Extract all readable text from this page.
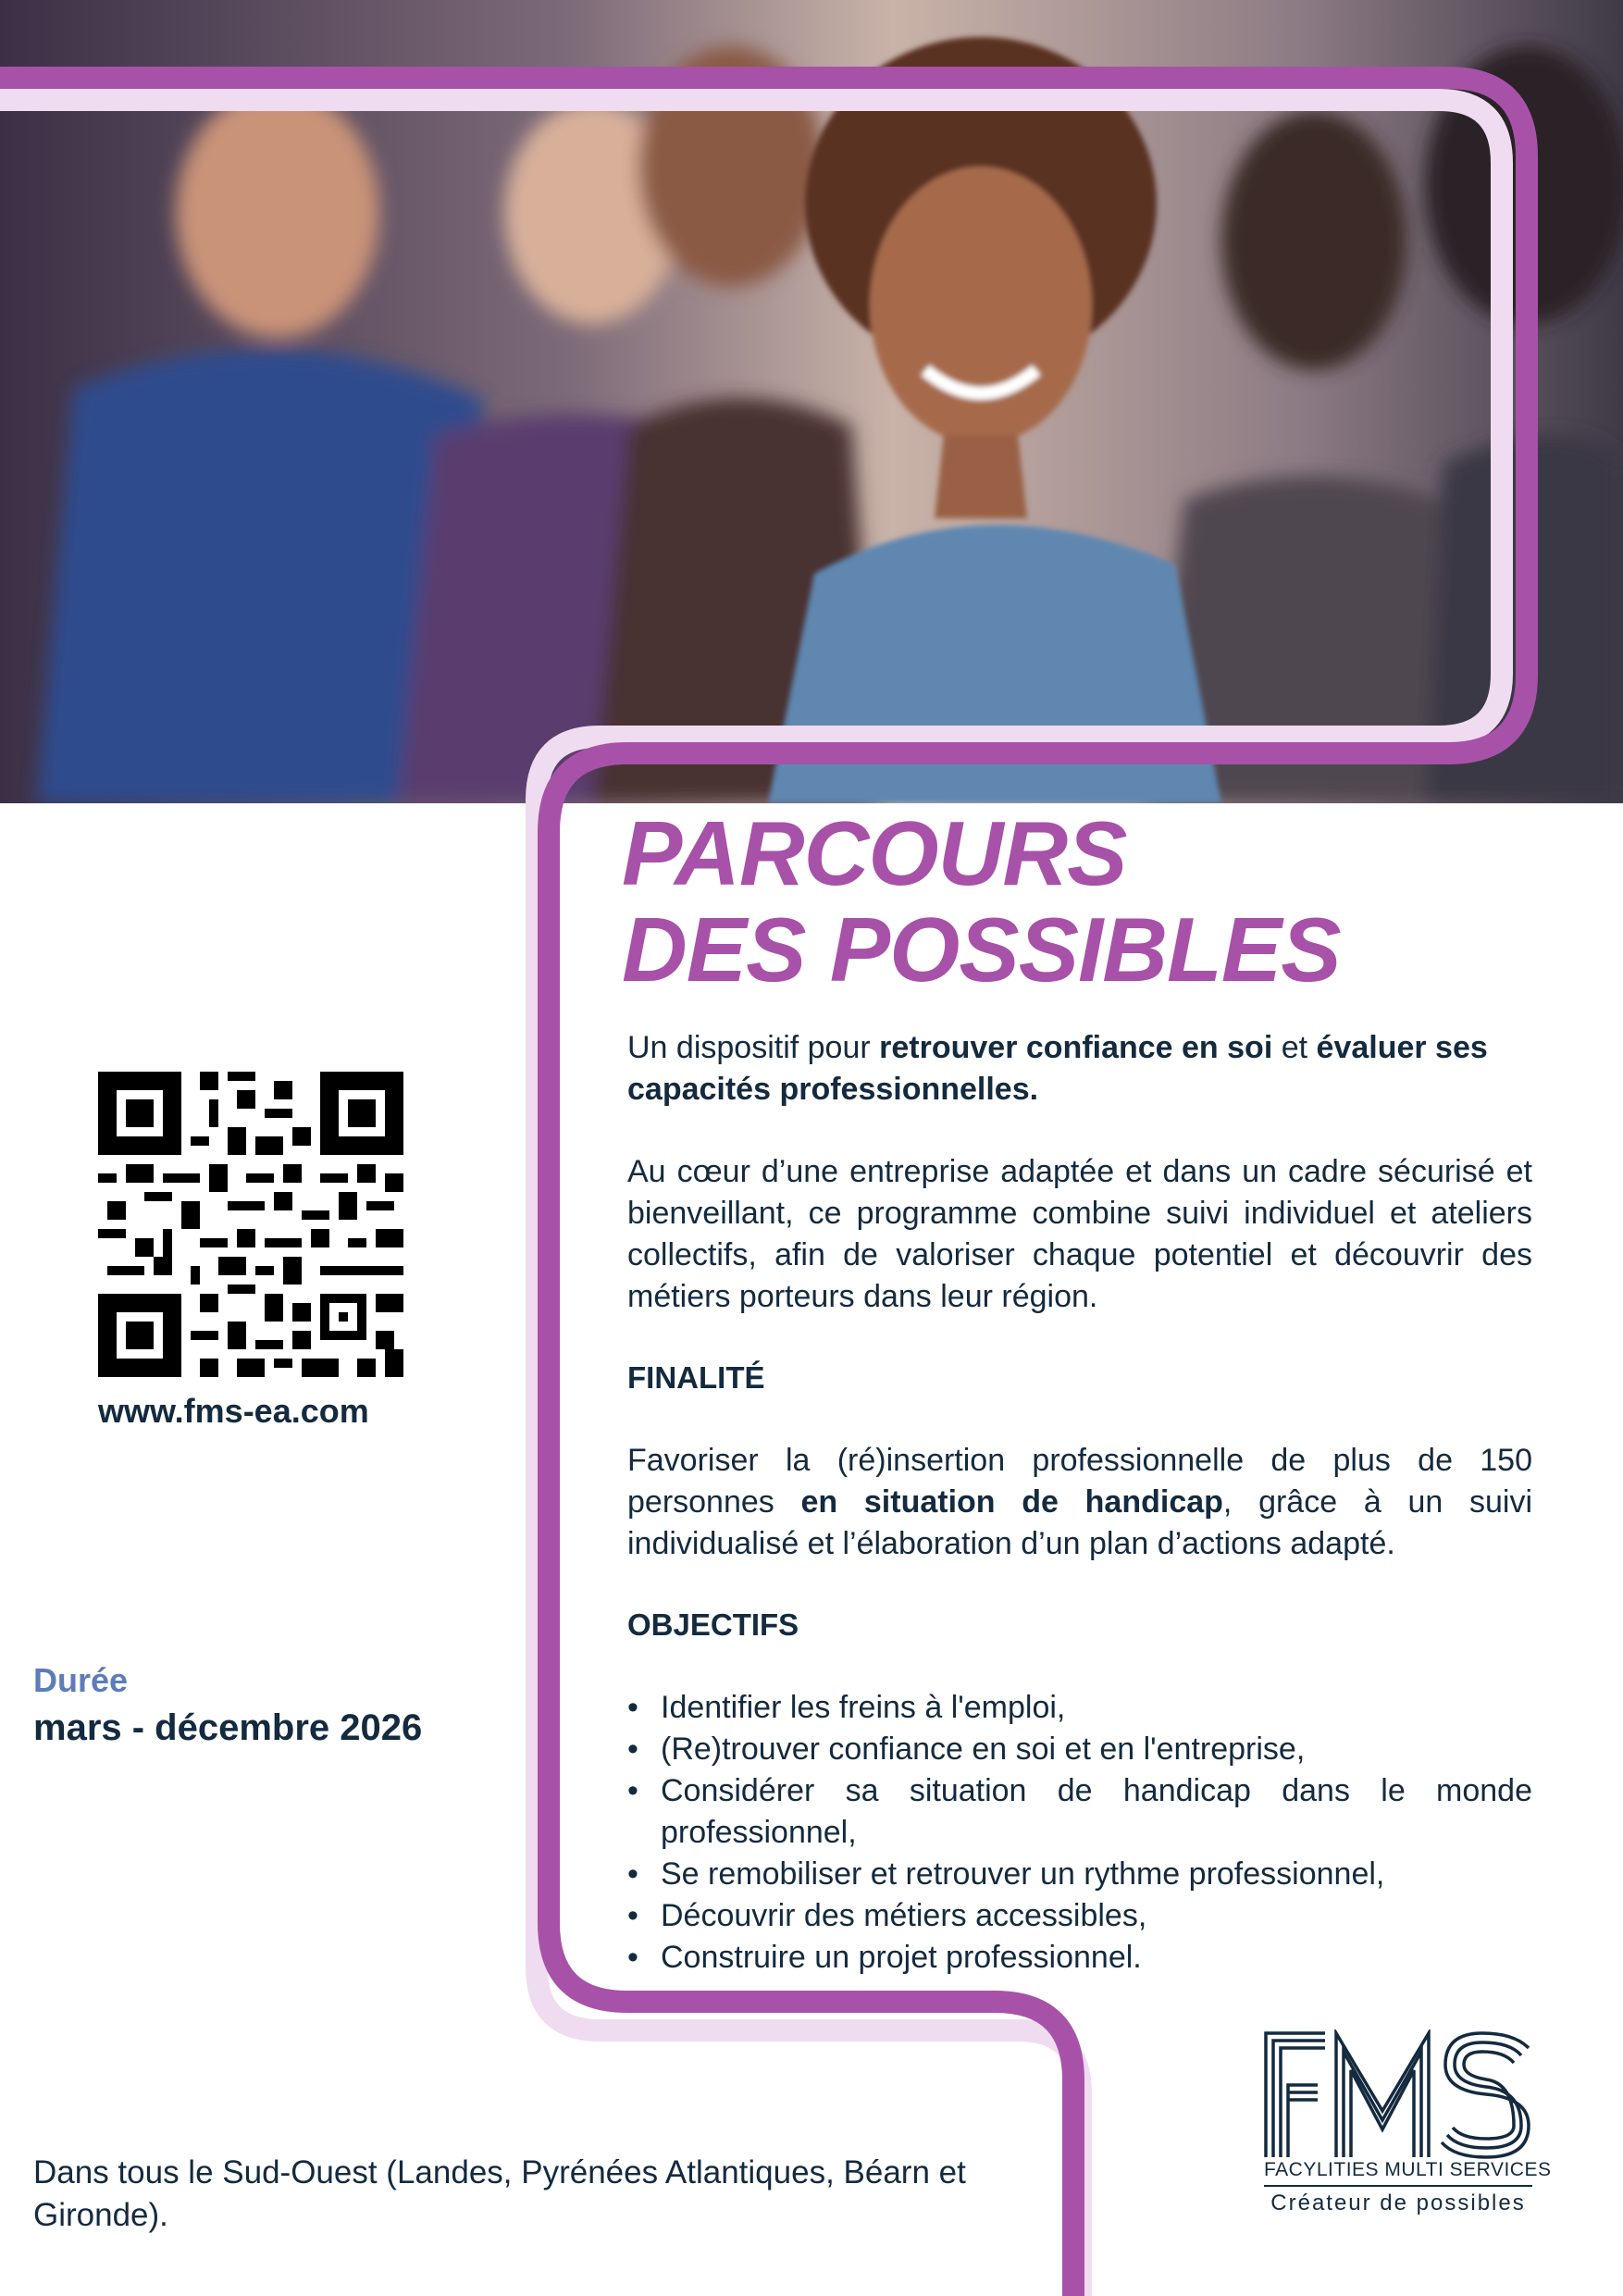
PARCOURS
DES POSSIBLES

Un dispositif pour retrouver confiance en soi et évaluer ses capacités professionnelles.

Au cœur d’une entreprise adaptée et dans un cadre sécurisé et bienveillant, ce programme combine suivi individuel et ateliers collectifs, afin de valoriser chaque potentiel et découvrir des métiers porteurs dans leur région.

FINALITÉ

Favoriser la (ré)insertion professionnelle de plus de 150 personnes en situation de handicap, grâce à un suivi individualisé et l’élaboration d’un plan d’actions adapté.

OBJECTIFS

• Identifier les freins à l'emploi,
• (Re)trouver confiance en soi et en l'entreprise,
• Considérer sa situation de handicap dans le monde professionnel,
• Se remobiliser et retrouver un rythme professionnel,
• Découvrir des métiers accessibles,
• Construire un projet professionnel.
www.fms-ea.com
Durée
mars - décembre 2026
Dans tous le Sud-Ouest (Landes, Pyrénées Atlantiques, Béarn et Gironde).
FACYLITIES MULTI SERVICES
Créateur de possibles
